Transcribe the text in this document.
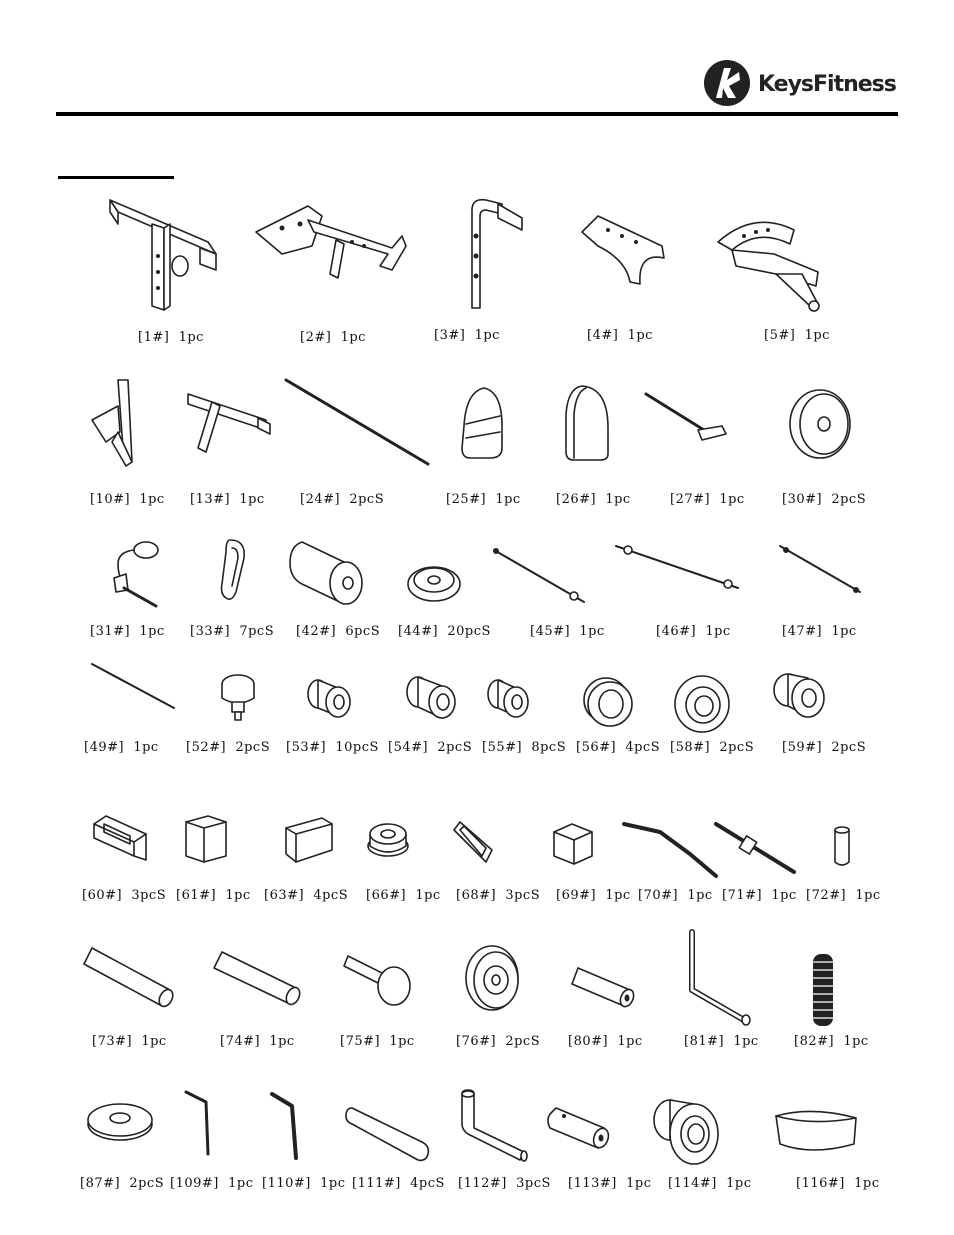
KeysFitness
[1#] 1pc	[2#] 1pc	[3#] 1pc	[4#] 1pc	[5#] 1pc
[10#] 1pc [13#] 1pc	[24#] 2pcS	[25#] 1pc	[26#] 1pc	[27#] 1pc	[30#] 2pcS
[31#] 1pc [33#] 7pcS [42#] 6pcS [44#] 20pcS	[45#] 1pc	[46#] 1pc	[47#] 1pc
[49#] 1pc [52#] 2pcS [53#] 10pcS [54#] 2pcS [55#] 8pcS [56#] 4pcS [58#] 2pcS [59#] 2pcS
[60#] 3pcS [61#] 1pc [63#] 4pcS [66#] 1pc [68#] 3pcS [69#] 1pc [70#] 1pc [71#] 1pc [72#] 1pc
[73#] 1pc	[74#] 1pc	[75#] 1pc	[76#] 2pcS [80#] 1pc	[81#] 1pc	[82#] 1pc
[87#] 2pcS [109#] 1pc [110#] 1pc [111#] 4pcS [112#] 3pcS [113#] 1pc [114#] 1pc	[116#] 1pc
